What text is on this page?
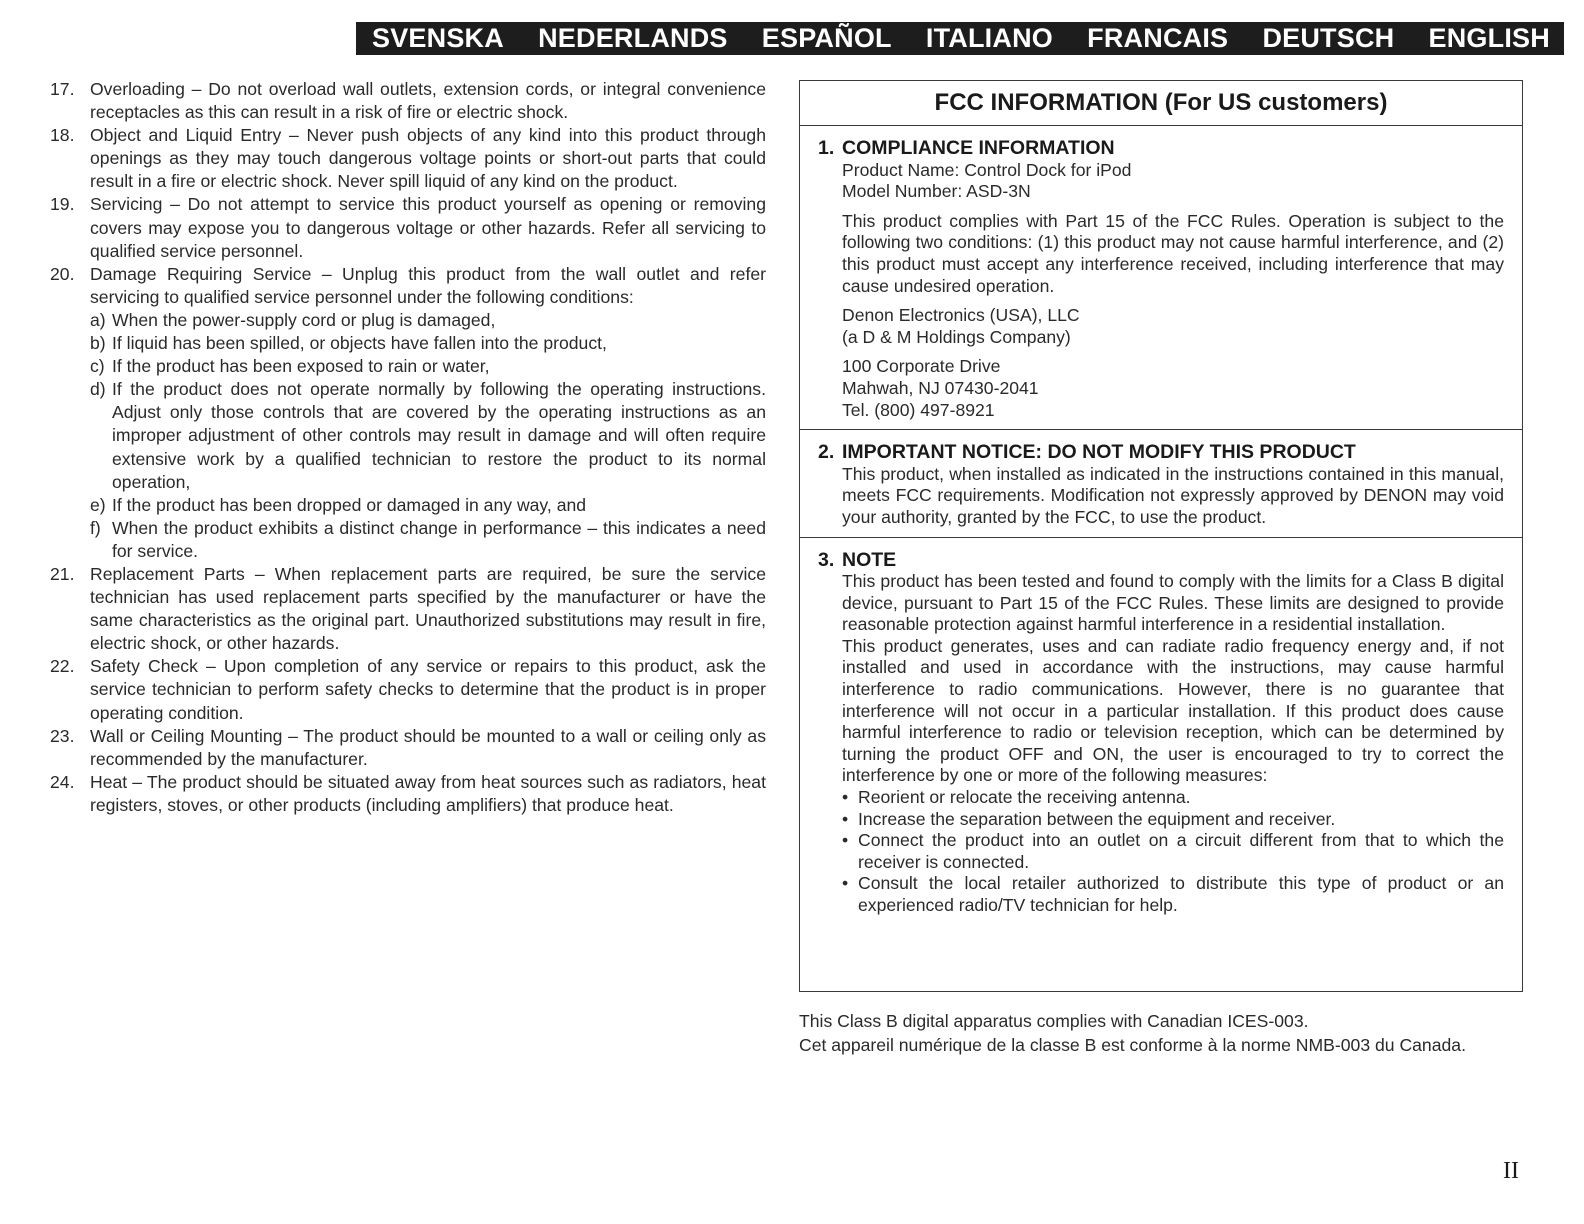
SVENSKA NEDERLANDS ESPAÑOL ITALIANO FRANCAIS DEUTSCH ENGLISH
17. Overloading – Do not overload wall outlets, extension cords, or integral convenience receptacles as this can result in a risk of fire or electric shock.
18. Object and Liquid Entry – Never push objects of any kind into this product through openings as they may touch dangerous voltage points or short-out parts that could result in a fire or electric shock. Never spill liquid of any kind on the product.
19. Servicing – Do not attempt to service this product yourself as opening or removing covers may expose you to dangerous voltage or other hazards. Refer all servicing to qualified service personnel.
20. Damage Requiring Service – Unplug this product from the wall outlet and refer servicing to qualified service personnel under the following conditions:
a) When the power-supply cord or plug is damaged,
b) If liquid has been spilled, or objects have fallen into the product,
c) If the product has been exposed to rain or water,
d) If the product does not operate normally by following the operating instructions. Adjust only those controls that are covered by the operating instructions as an improper adjustment of other controls may result in damage and will often require extensive work by a qualified technician to restore the product to its normal operation,
e) If the product has been dropped or damaged in any way, and
f) When the product exhibits a distinct change in performance – this indicates a need for service.
21. Replacement Parts – When replacement parts are required, be sure the service technician has used replacement parts specified by the manufacturer or have the same characteristics as the original part. Unauthorized substitutions may result in fire, electric shock, or other hazards.
22. Safety Check – Upon completion of any service or repairs to this product, ask the service technician to perform safety checks to determine that the product is in proper operating condition.
23. Wall or Ceiling Mounting – The product should be mounted to a wall or ceiling only as recommended by the manufacturer.
24. Heat – The product should be situated away from heat sources such as radiators, heat registers, stoves, or other products (including amplifiers) that produce heat.
FCC INFORMATION (For US customers)
1. COMPLIANCE INFORMATION
Product Name: Control Dock for iPod
Model Number: ASD-3N
This product complies with Part 15 of the FCC Rules. Operation is subject to the following two conditions: (1) this product may not cause harmful interference, and (2) this product must accept any interference received, including interference that may cause undesired operation.
Denon Electronics (USA), LLC
(a D & M Holdings Company)
100 Corporate Drive
Mahwah, NJ 07430-2041
Tel. (800) 497-8921
2. IMPORTANT NOTICE: DO NOT MODIFY THIS PRODUCT
This product, when installed as indicated in the instructions contained in this manual, meets FCC requirements. Modification not expressly approved by DENON may void your authority, granted by the FCC, to use the product.
3. NOTE
This product has been tested and found to comply with the limits for a Class B digital device, pursuant to Part 15 of the FCC Rules. These limits are designed to provide reasonable protection against harmful interference in a residential installation.
This product generates, uses and can radiate radio frequency energy and, if not installed and used in accordance with the instructions, may cause harmful interference to radio communications. However, there is no guarantee that interference will not occur in a particular installation. If this product does cause harmful interference to radio or television reception, which can be determined by turning the product OFF and ON, the user is encouraged to try to correct the interference by one or more of the following measures:
• Reorient or relocate the receiving antenna.
• Increase the separation between the equipment and receiver.
• Connect the product into an outlet on a circuit different from that to which the receiver is connected.
• Consult the local retailer authorized to distribute this type of product or an experienced radio/TV technician for help.
This Class B digital apparatus complies with Canadian ICES-003.
Cet appareil numérique de la classe B est conforme à la norme NMB-003 du Canada.
II
